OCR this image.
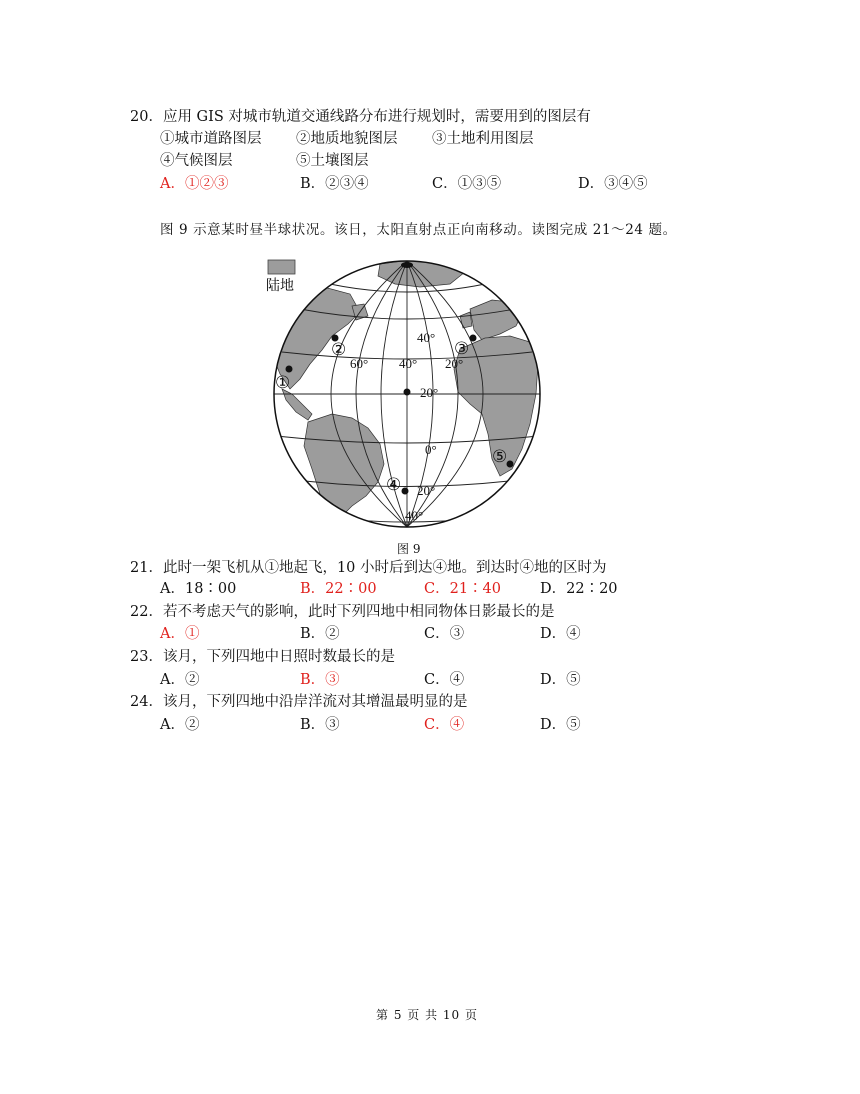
20．应用 GIS 对城市轨道交通线路分布进行规划时，需要用到的图层有
①城市道路图层 ②地质地貌图层 ③土地利用图层
④气候图层	⑤土壤图层
A．①②③	B．②③④	C．①③⑤	D．③④⑤
图 9 示意某时昼半球状况。该日，太阳直射点正向南移动。读图完成 21～24 题。
陆地
40°
20°
0°
20°
40°
60° 40° 20°
①
②	③
④
⑤
图 9
21．此时一架飞机从①地起飞，10 小时后到达④地。到达时④地的区时为
A．18∶00	B．22∶00	C．21∶40	D．22∶20
22．若不考虑天气的影响，此时下列四地中相同物体日影最长的是
A．①	B．②	C．③	D．④
23．该月，下列四地中日照时数最长的是
A．②	B．③	C．④	D．⑤
24．该月，下列四地中沿岸洋流对其增温最明显的是
A．②	B．③	C．④	D．⑤
第 5 页 共 10 页
